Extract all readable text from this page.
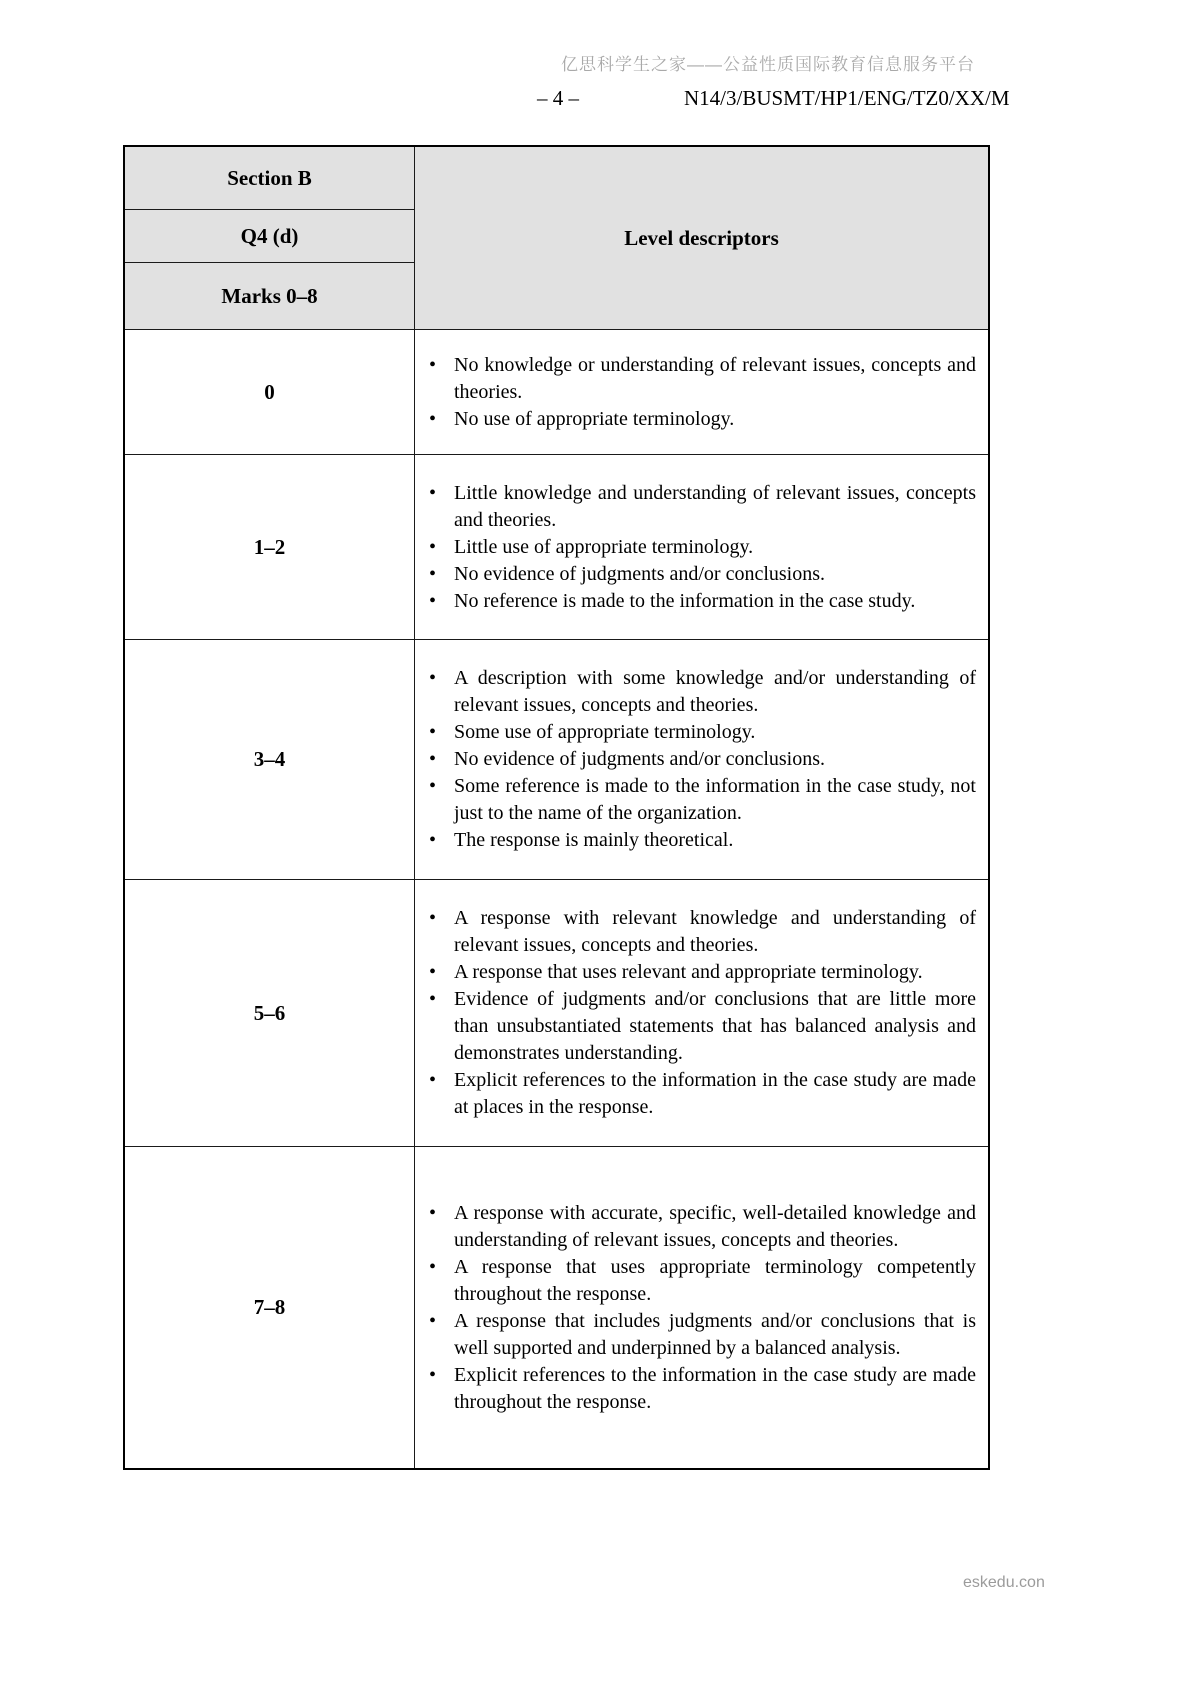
亿思科学生之家——公益性质国际教育信息服务平台
– 4 –	N14/3/BUSMT/HP1/ENG/TZ0/XX/M
Section B	Level descriptors
Q4 (d)	
Marks 0–8	
0	
• No knowledge or understanding of relevant issues, concepts and theories.
• No use of appropriate terminology.

1–2	
• Little knowledge and understanding of relevant issues, concepts and theories.
• Little use of appropriate terminology.
• No evidence of judgments and/or conclusions.
• No reference is made to the information in the case study.

3–4	
• A description with some knowledge and/or understanding of relevant issues, concepts and theories.
• Some use of appropriate terminology.
• No evidence of judgments and/or conclusions.
• Some reference is made to the information in the case study, not just to the name of the organization.
• The response is mainly theoretical.

5–6	
• A response with relevant knowledge and understanding of relevant issues, concepts and theories.
• A response that uses relevant and appropriate terminology.
• Evidence of judgments and/or conclusions that are little more than unsubstantiated statements that has balanced analysis and demonstrates understanding.
• Explicit references to the information in the case study are made at places in the response.

7–8	
• A response with accurate, specific, well-detailed knowledge and understanding of relevant issues, concepts and theories.
• A response that uses appropriate terminology competently throughout the response.
• A response that includes judgments and/or conclusions that is well supported and underpinned by a balanced analysis.
• Explicit references to the information in the case study are made throughout the response.
eskedu.con
